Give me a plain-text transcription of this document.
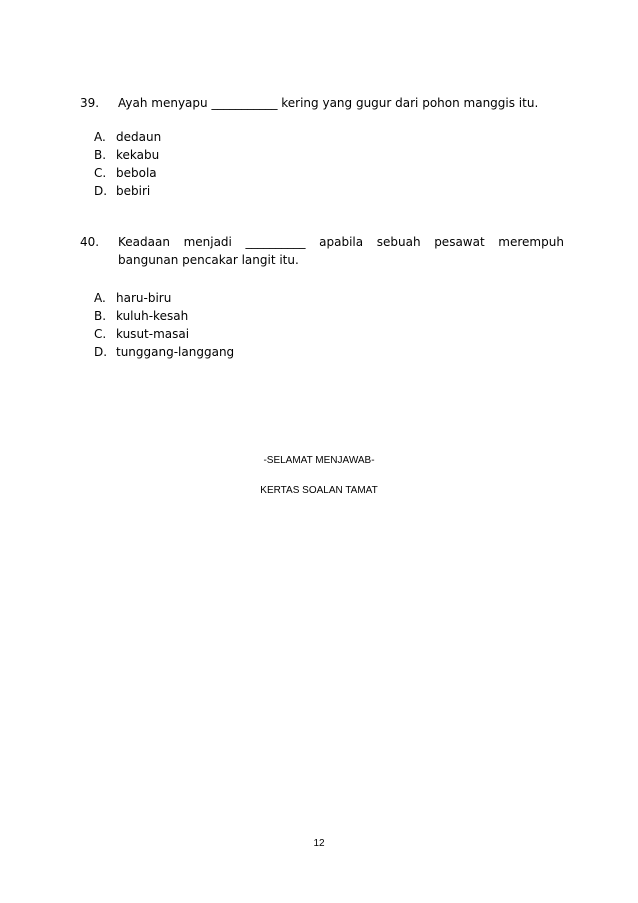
39. Ayah menyapu ___________ kering yang gugur dari pohon manggis itu.
A. dedaun
B. kekabu
C. bebola
D. bebiri
40. Keadaan menjadi __________ apabila sebuah pesawat merempuh
bangunan pencakar langit itu.
A. haru-biru
B. kuluh-kesah
C. kusut-masai
D. tunggang-langgang
-SELAMAT MENJAWAB-
KERTAS SOALAN TAMAT
12
